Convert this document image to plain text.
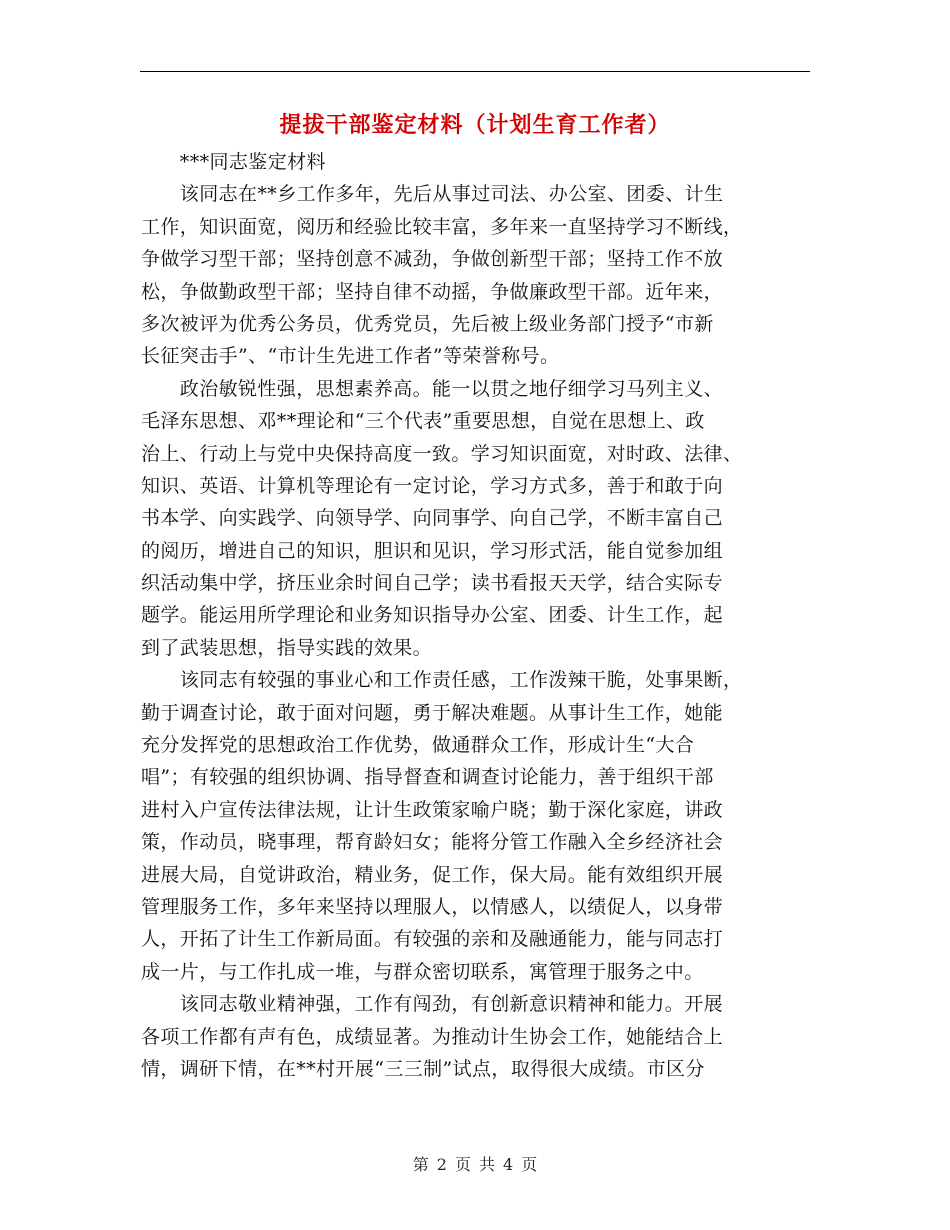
提拔干部鉴定材料（计划生育工作者）
　　***同志鉴定材料
　　该同志在**乡工作多年，先后从事过司法、办公室、团委、计生
工作，知识面宽，阅历和经验比较丰富，多年来一直坚持学习不断线，
争做学习型干部；坚持创意不减劲，争做创新型干部；坚持工作不放
松，争做勤政型干部；坚持自律不动摇，争做廉政型干部。近年来，
多次被评为优秀公务员，优秀党员，先后被上级业务部门授予“市新
长征突击手”、“市计生先进工作者”等荣誉称号。
　　政治敏锐性强，思想素养高。能一以贯之地仔细学习马列主义、
毛泽东思想、邓**理论和“三个代表”重要思想，自觉在思想上、政
治上、行动上与党中央保持高度一致。学习知识面宽，对时政、法律、
知识、英语、计算机等理论有一定讨论，学习方式多，善于和敢于向
书本学、向实践学、向领导学、向同事学、向自己学，不断丰富自己
的阅历，增进自己的知识，胆识和见识，学习形式活，能自觉参加组
织活动集中学，挤压业余时间自己学；读书看报天天学，结合实际专
题学。能运用所学理论和业务知识指导办公室、团委、计生工作，起
到了武装思想，指导实践的效果。
　　该同志有较强的事业心和工作责任感，工作泼辣干脆，处事果断，
勤于调查讨论，敢于面对问题，勇于解决难题。从事计生工作，她能
充分发挥党的思想政治工作优势，做通群众工作，形成计生“大合
唱”；有较强的组织协调、指导督查和调查讨论能力，善于组织干部
进村入户宣传法律法规，让计生政策家喻户晓；勤于深化家庭，讲政
策，作动员，晓事理，帮育龄妇女；能将分管工作融入全乡经济社会
进展大局，自觉讲政治，精业务，促工作，保大局。能有效组织开展
管理服务工作，多年来坚持以理服人，以情感人，以绩促人，以身带
人，开拓了计生工作新局面。有较强的亲和及融通能力，能与同志打
成一片，与工作扎成一堆，与群众密切联系，寓管理于服务之中。
　　该同志敬业精神强，工作有闯劲，有创新意识精神和能力。开展
各项工作都有声有色，成绩显著。为推动计生协会工作，她能结合上
情，调研下情，在**村开展“三三制”试点，取得很大成绩。市区分
第 2 页 共 4 页
